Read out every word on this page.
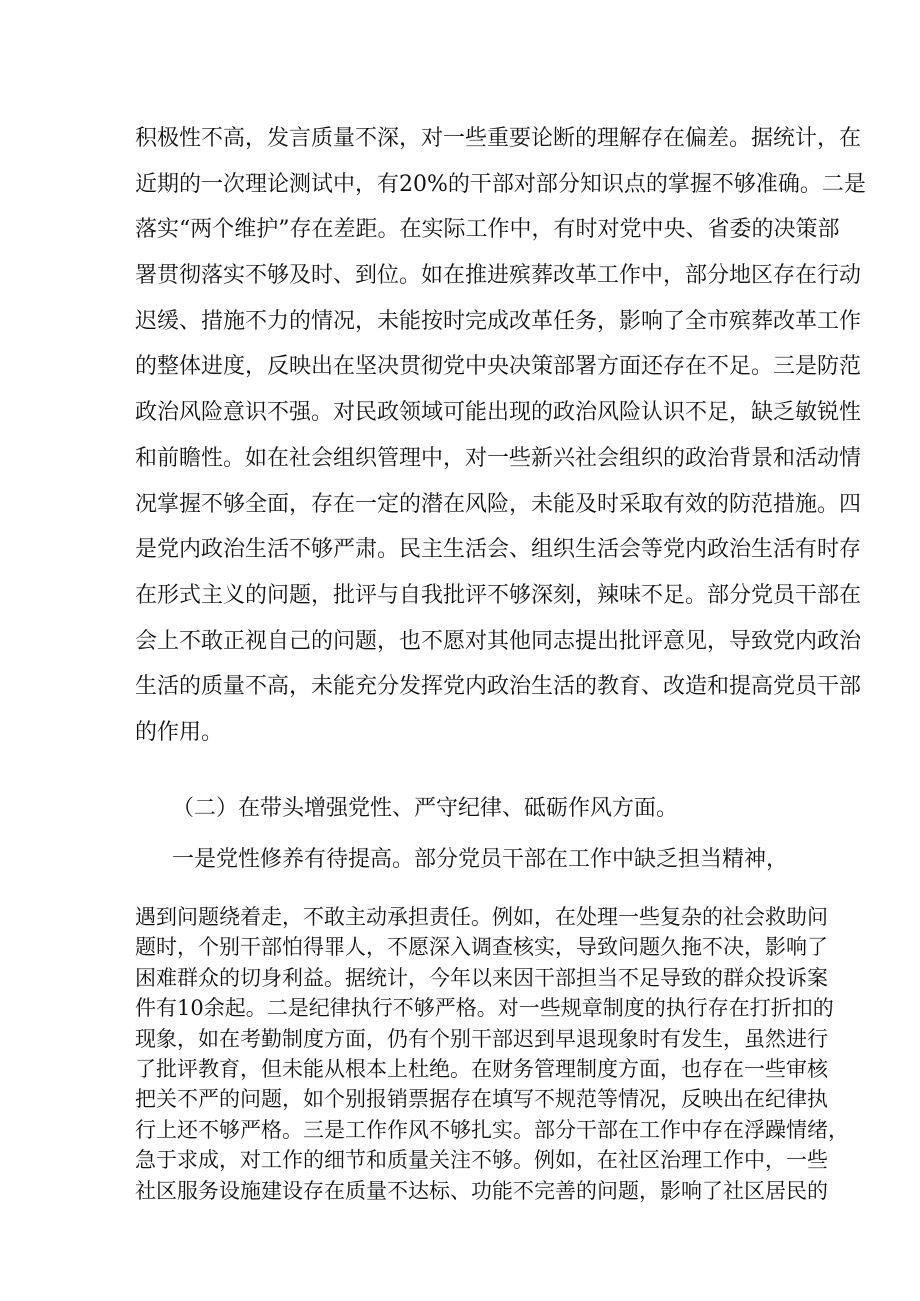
积极性不高，发言质量不深，对一些重要论断的理解存在偏差。据统计，在
近期的一次理论测试中，有20%的干部对部分知识点的掌握不够准确。二是
落实“两个维护”存在差距。在实际工作中，有时对党中央、省委的决策部
署贯彻落实不够及时、到位。如在推进殡葬改革工作中，部分地区存在行动
迟缓、措施不力的情况，未能按时完成改革任务，影响了全市殡葬改革工作
的整体进度，反映出在坚决贯彻党中央决策部署方面还存在不足。三是防范
政治风险意识不强。对民政领域可能出现的政治风险认识不足，缺乏敏锐性
和前瞻性。如在社会组织管理中，对一些新兴社会组织的政治背景和活动情
况掌握不够全面，存在一定的潜在风险，未能及时采取有效的防范措施。四
是党内政治生活不够严肃。民主生活会、组织生活会等党内政治生活有时存
在形式主义的问题，批评与自我批评不够深刻，辣味不足。部分党员干部在
会上不敢正视自己的问题，也不愿对其他同志提出批评意见，导致党内政治
生活的质量不高，未能充分发挥党内政治生活的教育、改造和提高党员干部
的作用。
（二）在带头增强党性、严守纪律、砥砺作风方面。
一是党性修养有待提高。部分党员干部在工作中缺乏担当精神，
遇到问题绕着走，不敢主动承担责任。例如，在处理一些复杂的社会救助问
题时，个别干部怕得罪人，不愿深入调查核实，导致问题久拖不决，影响了
困难群众的切身利益。据统计，今年以来因干部担当不足导致的群众投诉案
件有10余起。二是纪律执行不够严格。对一些规章制度的执行存在打折扣的
现象，如在考勤制度方面，仍有个别干部迟到早退现象时有发生，虽然进行
了批评教育，但未能从根本上杜绝。在财务管理制度方面，也存在一些审核
把关不严的问题，如个别报销票据存在填写不规范等情况，反映出在纪律执
行上还不够严格。三是工作作风不够扎实。部分干部在工作中存在浮躁情绪，
急于求成，对工作的细节和质量关注不够。例如，在社区治理工作中，一些
社区服务设施建设存在质量不达标、功能不完善的问题，影响了社区居民的
